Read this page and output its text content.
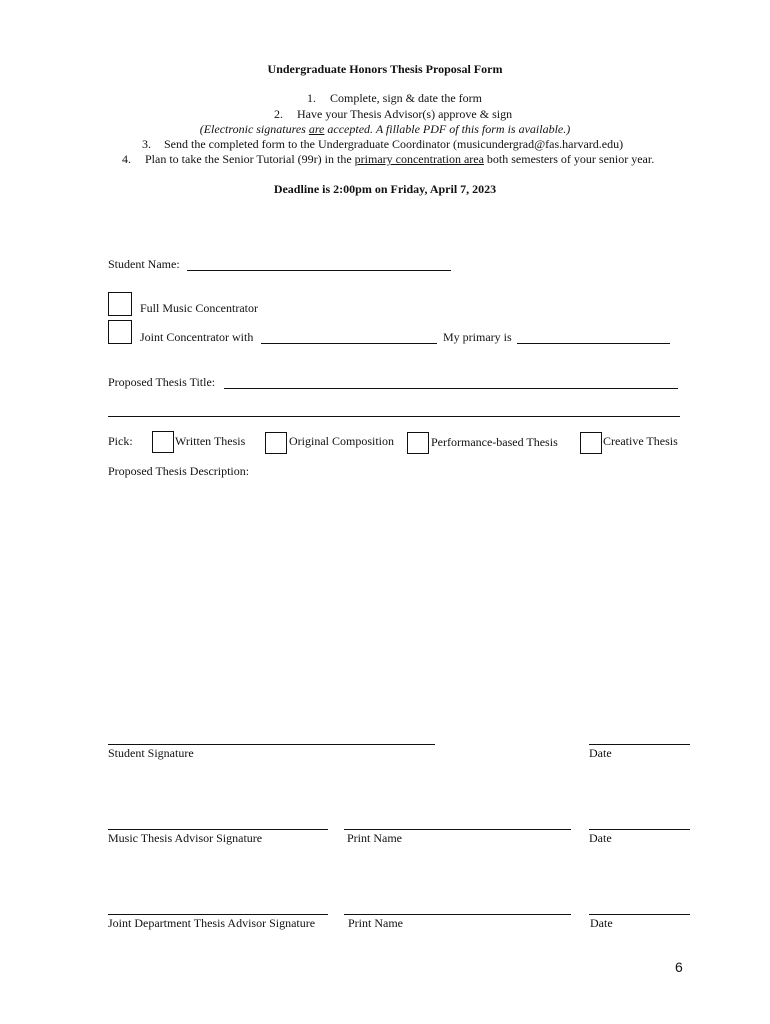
Undergraduate Honors Thesis Proposal Form
1. Complete, sign & date the form
2. Have your Thesis Advisor(s) approve & sign
(Electronic signatures are accepted. A fillable PDF of this form is available.)
3. Send the completed form to the Undergraduate Coordinator (musicundergrad@fas.harvard.edu)
4. Plan to take the Senior Tutorial (99r) in the primary concentration area both semesters of your senior year.
Deadline is 2:00pm on Friday, April 7, 2023
Student Name:
Full Music Concentrator
Joint Concentrator with	My primary is
Proposed Thesis Title:
Pick:	Written Thesis	Original Composition	Performance-based Thesis	Creative Thesis
Proposed Thesis Description:
Student Signature	Date
Music Thesis Advisor Signature	Print Name	Date
Joint Department Thesis Advisor Signature	Print Name	Date
6
